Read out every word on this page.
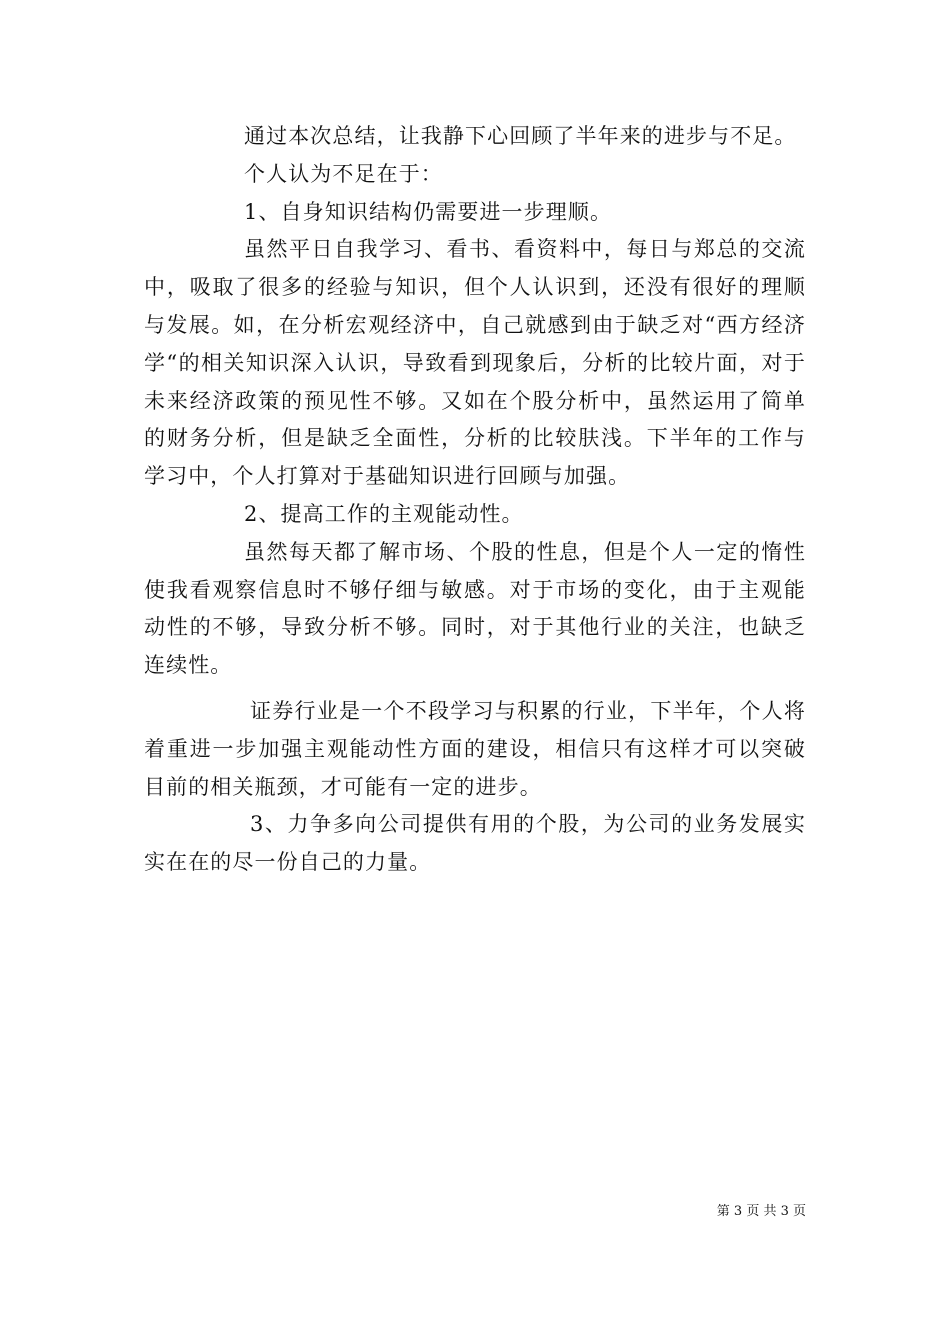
通过本次总结，让我静下心回顾了半年来的进步与不足。

个人认为不足在于：

1、自身知识结构仍需要进一步理顺。

虽然平日自我学习、看书、看资料中，每日与郑总的交流中，吸取了很多的经验与知识，但个人认识到，还没有很好的理顺与发展。如，在分析宏观经济中，自己就感到由于缺乏对“西方经济学“的相关知识深入认识，导致看到现象后，分析的比较片面，对于未来经济政策的预见性不够。又如在个股分析中，虽然运用了简单的财务分析，但是缺乏全面性，分析的比较肤浅。下半年的工作与学习中，个人打算对于基础知识进行回顾与加强。

2、提高工作的主观能动性。

虽然每天都了解市场、个股的性息，但是个人一定的惰性使我看观察信息时不够仔细与敏感。对于市场的变化，由于主观能动性的不够，导致分析不够。同时，对于其他行业的关注，也缺乏连续性。

证券行业是一个不段学习与积累的行业，下半年，个人将着重进一步加强主观能动性方面的建设，相信只有这样才可以突破目前的相关瓶颈，才可能有一定的进步。

3、力争多向公司提供有用的个股，为公司的业务发展实实在在的尽一份自己的力量。

第 3 页 共 3 页
